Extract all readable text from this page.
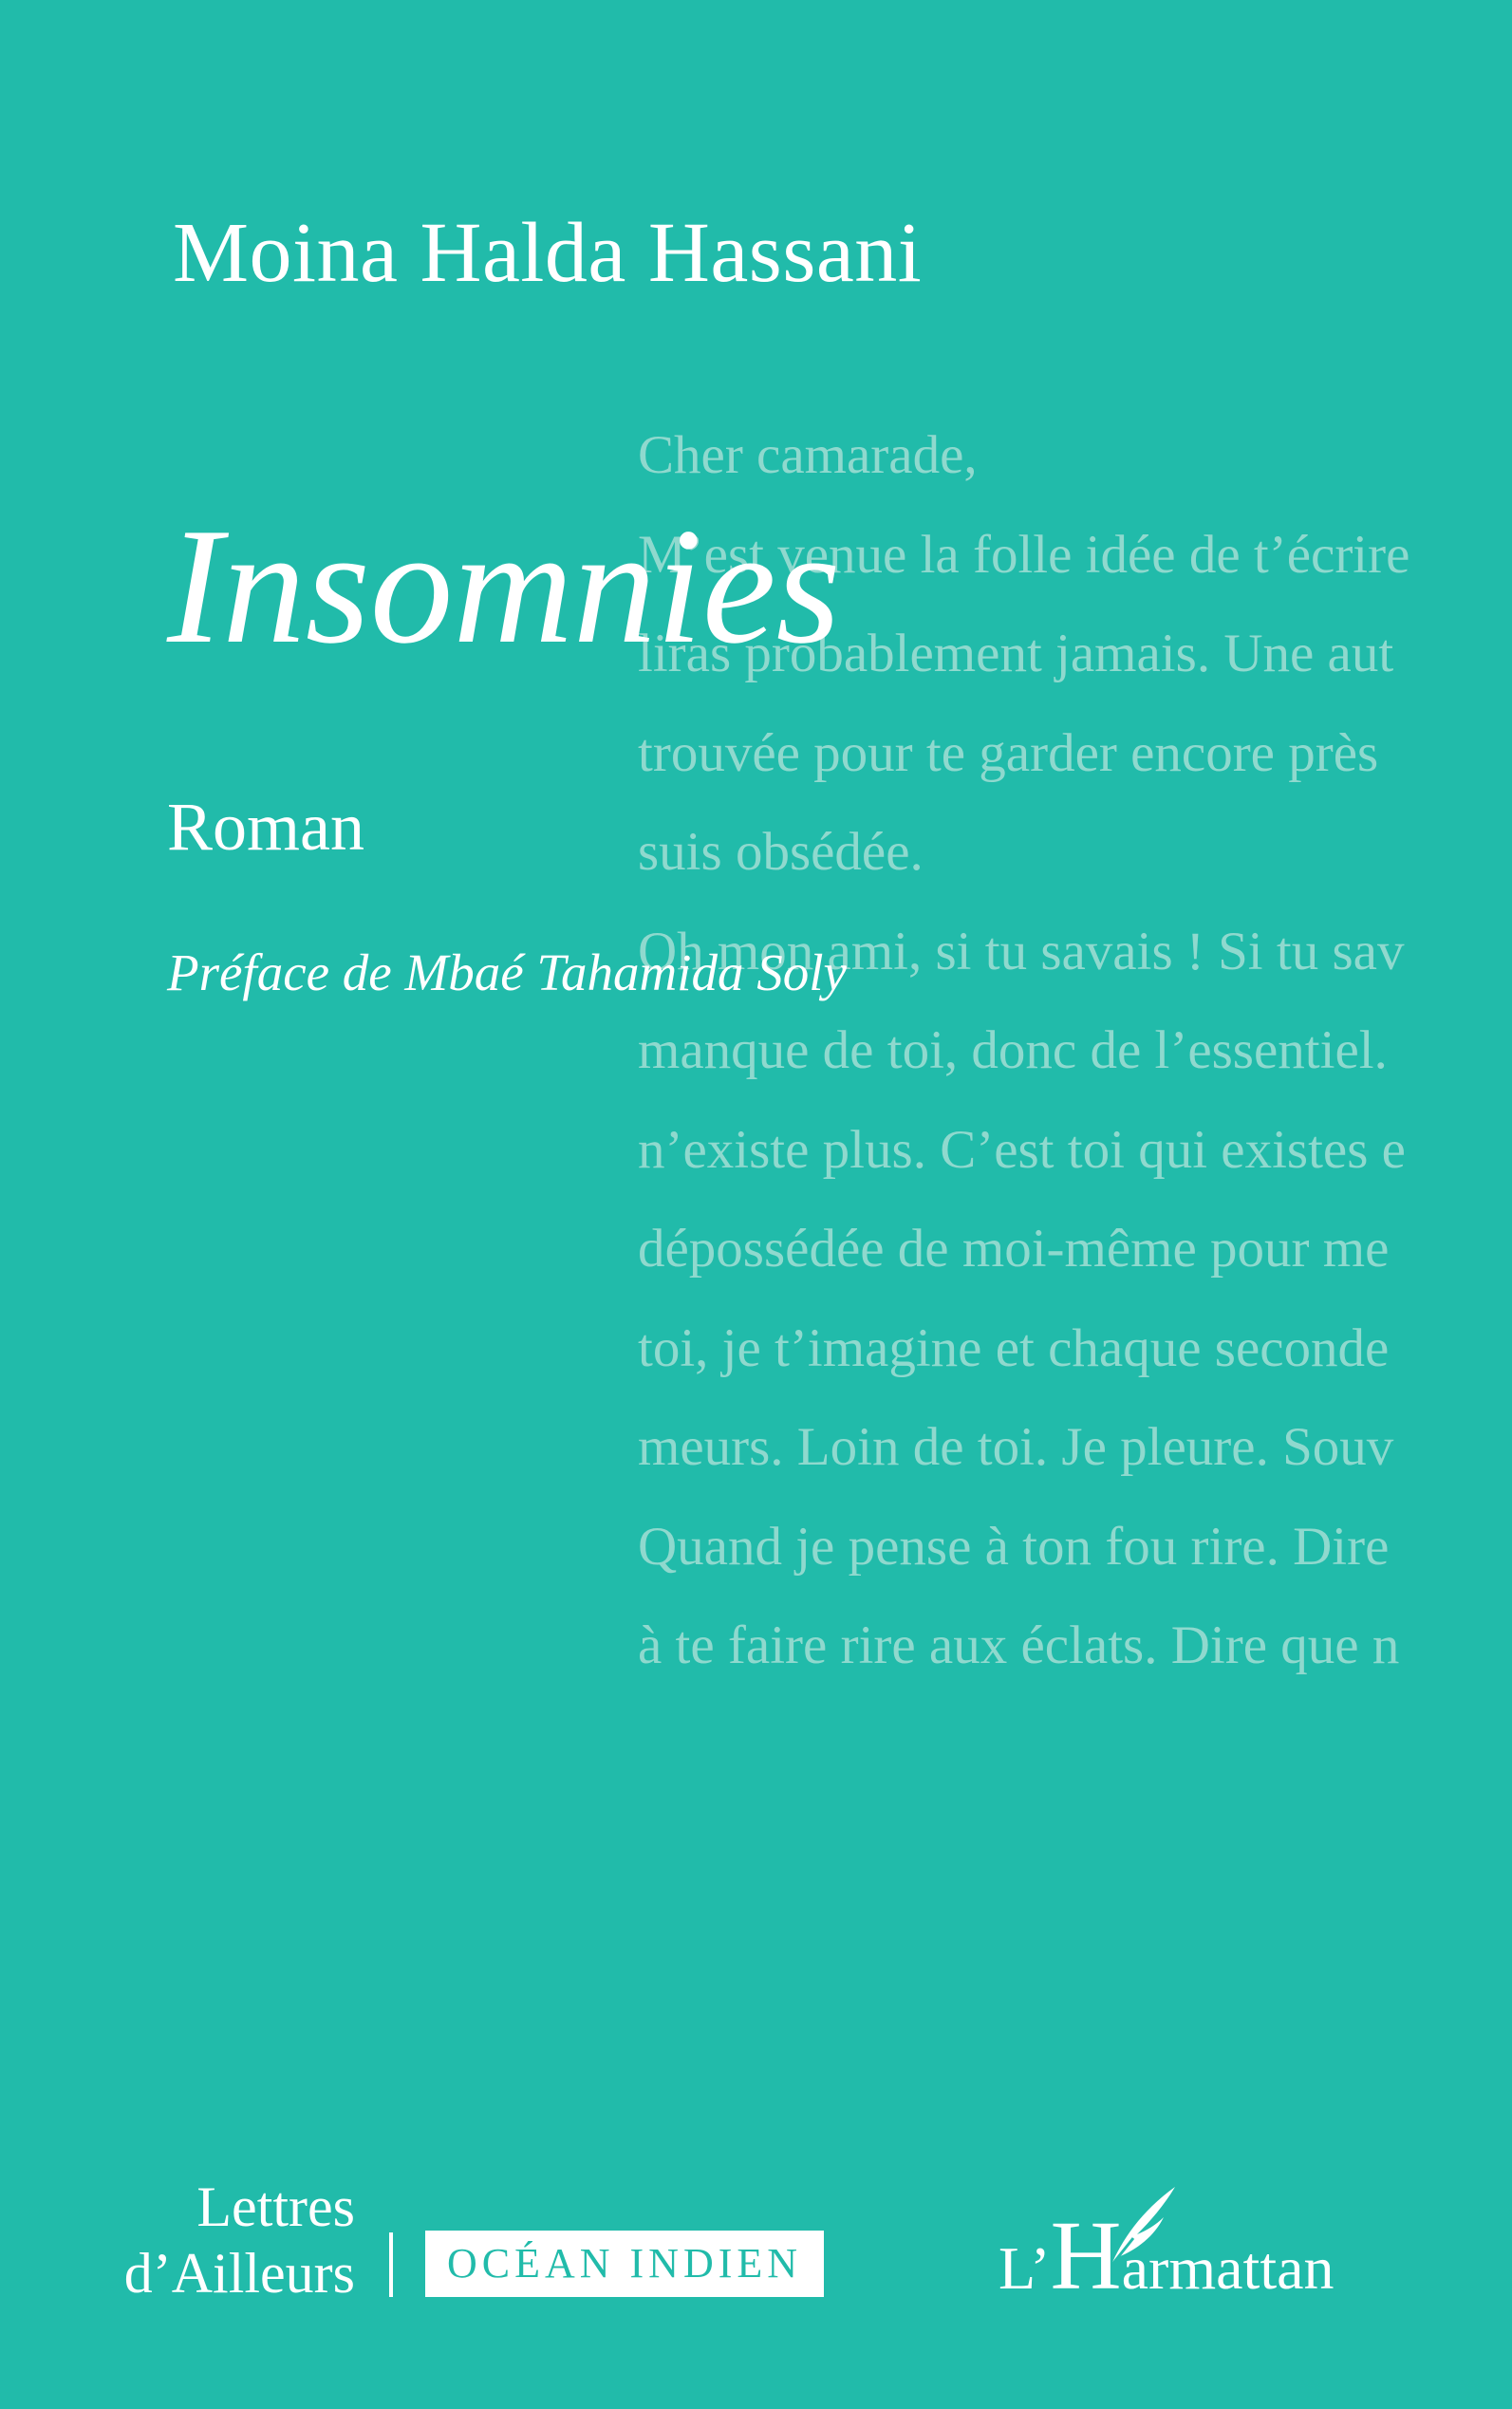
Cher camarade,
M’est venue la folle idée de t’écrire
liras probablement jamais. Une aut
trouvée pour te garder encore près
suis obsédée.
Oh mon ami, si tu savais ! Si tu sav
manque de toi, donc de l’essentiel.
n’existe plus. C’est toi qui existes e
dépossédée de moi-même pour me
toi, je t’imagine et chaque seconde
meurs. Loin de toi. Je pleure. Souv
Quand je pense à ton fou rire. Dire
à te faire rire aux éclats. Dire que n
Moina Halda Hassani
Insomnies
Roman
Préface de Mbaé Tahamida Soly
Lettres
d’Ailleurs	OCÉAN INDIEN	L’Harmattan
